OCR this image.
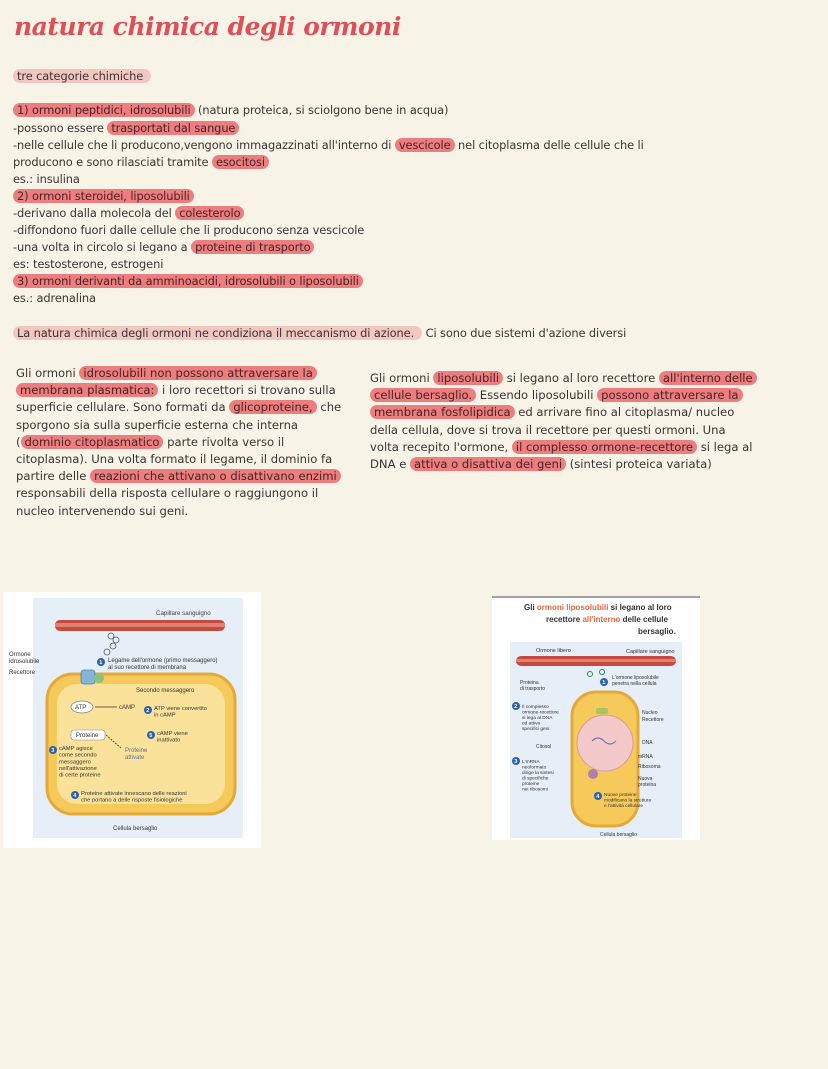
natura chimica degli ormoni
tre categorie chimiche
1) ormoni peptidici, idrosolubili (natura proteica, si sciolgono bene in acqua)
-possono essere trasportati dal sangue
-nelle cellule che li producono,vengono immagazzinati all'interno di vescicole nel citoplasma delle cellule che li
producono e sono rilasciati tramite esocitosi
es.: insulina
2) ormoni steroidei, liposolubili
-derivano dalla molecola del colesterolo
-diffondono fuori dalle cellule che li producono senza vescicole
-una volta in circolo si legano a proteine di trasporto
es: testosterone, estrogeni
3) ormoni derivanti da amminoacidi, idrosolubili o liposolubili
es.: adrenalina
La natura chimica degli ormoni ne condiziona il meccanismo di azione. Ci sono due sistemi d'azione diversi
Gli ormoni idrosolubili non possono attraversare la
membrana plasmatica: i loro recettori si trovano sulla
superficie cellulare. Sono formati da glicoproteine, che
sporgono sia sulla superficie esterna che interna
( dominio citoplasmatico parte rivolta verso il
citoplasma). Una volta formato il legame, il dominio fa
partire delle reazioni che attivano o disattivano enzimi
responsabili della risposta cellulare o raggiungono il
nucleo intervenendo sui geni.
Gli ormoni liposolubili si legano al loro recettore all'interno delle
cellule bersaglio. Essendo liposolubili possono attraversare la
membrana fosfolipidica ed arrivare fino al citoplasma/ nucleo
della cellula, dove si trova il recettore per questi ormoni. Una
volta recepito l'ormone, il complesso ormone-recettore si lega al
DNA e attiva o disattiva dei geni (sintesi proteica variata)
Capillare sanguigno
Ormone idrosolubile
Recettore
1 Legame dell'ormone (primo messaggero) al suo recettore di membrana
Secondo messaggero
ATP	cAMP 2 ATP viene convertito in cAMP
5 cAMP viene inattivato
Proteine
Proteine attivate
3 cAMP agisce come secondo messaggero nell'attivazione di certe proteine
4 Proteine attivate innescano delle reazioni che portano a delle risposte fisiologiche
Cellula bersaglio
Gli ormoni liposolubili si legano al loro
recettore all'interno delle cellule
bersaglio.
Ormone libero	Capillare sanguigno
1
L'ormone liposolubile penetra nella cellula
Proteina di trasporto
2 Il complesso ormone-recettore si lega al DNA ed attiva specifici geni
Nucleo
Recettore
DNA
Citosol
mRNA
3 L'mRNA neoformato dirige la sintesi di specifiche proteine nei ribosomi
Ribosoma
Nuova proteina
4 Nuove proteine modificano la struttura e l'attività cellulare
Cellula bersaglio
